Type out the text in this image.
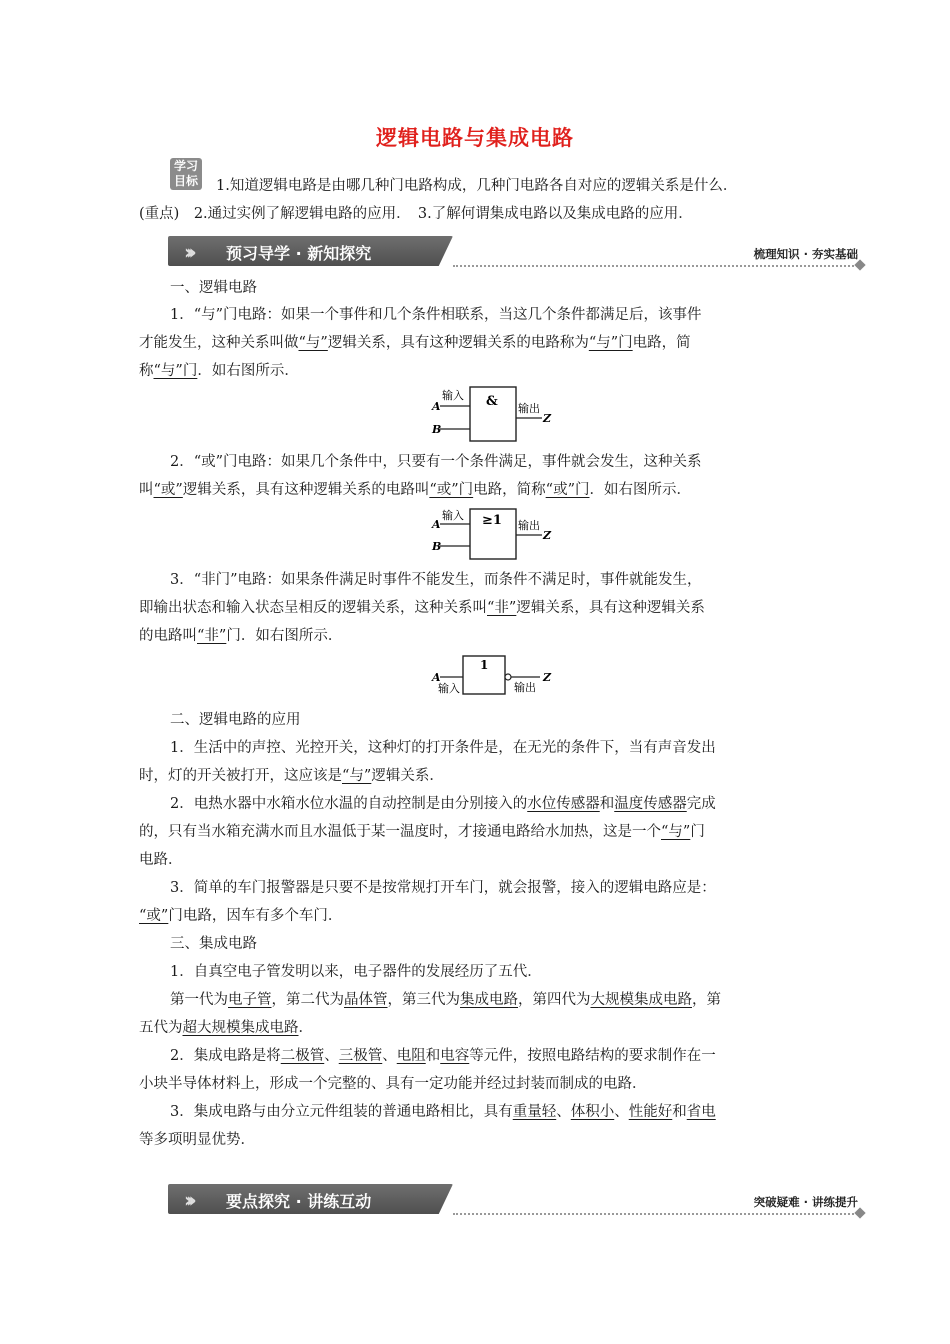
逻辑电路与集成电路
学习
目标 1.知道逻辑电路是由哪几种门电路构成，几种门电路各自对应的逻辑关系是什么．
(重点)　2.通过实例了解逻辑电路的应用．　3.了解何谓集成电路以及集成电路的应用．
››› 预习导学 · 新知探究	梳理知识 · 夯实基础
一、逻辑电路
1．“与”门电路：如果一个事件和几个条件相联系，当这几个条件都满足后，该事件
才能发生，这种关系叫做“与”逻辑关系，具有这种逻辑关系的电路称为“与”门电路，简
称“与”门．如右图所示．
输入 & 输出
A
B
Z
2．“或”门电路：如果几个条件中，只要有一个条件满足，事件就会发生，这种关系
叫“或”逻辑关系，具有这种逻辑关系的电路叫“或”门电路，简称“或”门．如右图所示．
输入 ≥1 输出
A
B
Z
3．“非门”电路：如果条件满足时事件不能发生，而条件不满足时，事件就能发生，
即输出状态和输入状态呈相反的逻辑关系，这种关系叫“非”逻辑关系，具有这种逻辑关系
的电路叫“非”门．如右图所示．
1
A
输入	输出
Z
二、逻辑电路的应用
1．生活中的声控、光控开关，这种灯的打开条件是，在无光的条件下，当有声音发出
时，灯的开关被打开，这应该是“与”逻辑关系．
2．电热水器中水箱水位水温的自动控制是由分别接入的水位传感器和温度传感器完成
的，只有当水箱充满水而且水温低于某一温度时，才接通电路给水加热，这是一个“与”门
电路．
3．简单的车门报警器是只要不是按常规打开车门，就会报警，接入的逻辑电路应是：
“或”门电路，因车有多个车门．
三、集成电路
1．自真空电子管发明以来，电子器件的发展经历了五代．
第一代为电子管，第二代为晶体管，第三代为集成电路，第四代为大规模集成电路，第
五代为超大规模集成电路．
2．集成电路是将二极管、三极管、电阻和电容等元件，按照电路结构的要求制作在一
小块半导体材料上，形成一个完整的、具有一定功能并经过封装而制成的电路．
3．集成电路与由分立元件组装的普通电路相比，具有重量轻、体积小、性能好和省电
等多项明显优势．
››› 要点探究 · 讲练互动	突破疑难 · 讲练提升
